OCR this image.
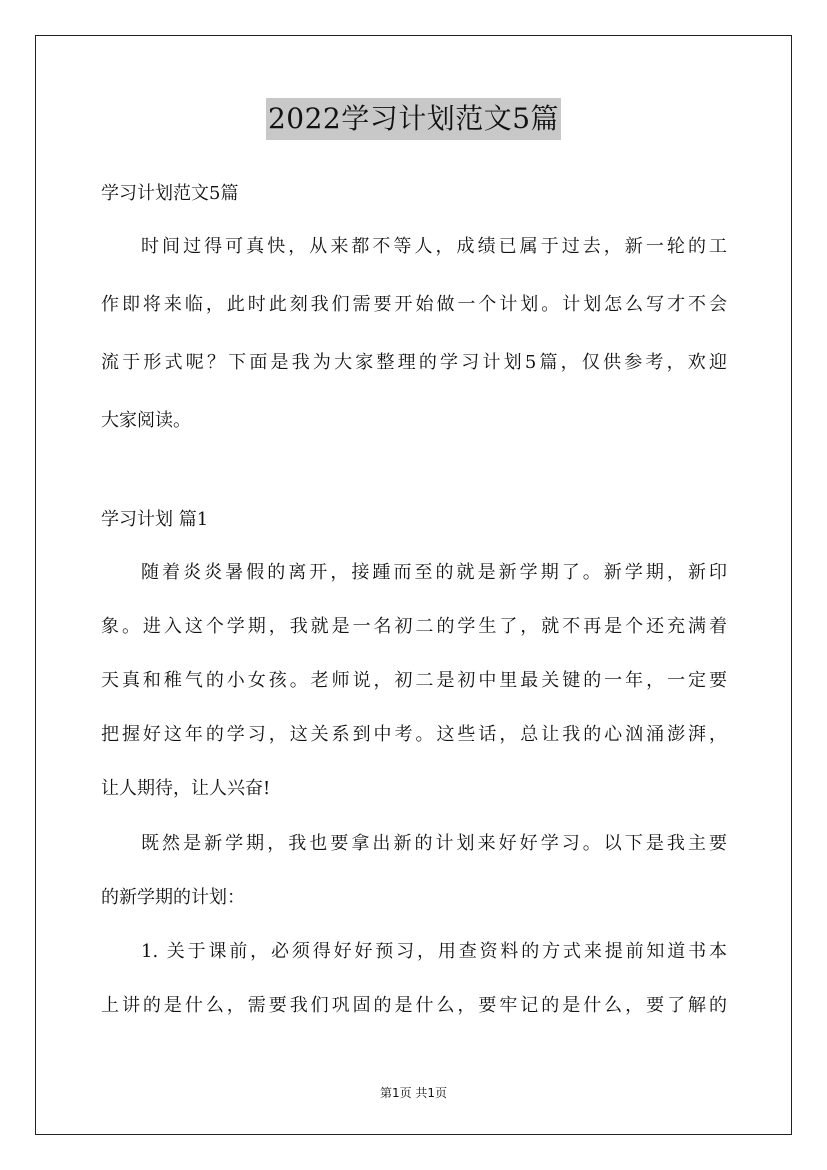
2022学习计划范文5篇
学习计划范文5篇
时间过得可真快，从来都不等人，成绩已属于过去，新一轮的工
作即将来临，此时此刻我们需要开始做一个计划。计划怎么写才不会
流于形式呢？下面是我为大家整理的学习计划5篇，仅供参考，欢迎
大家阅读。
学习计划 篇1
随着炎炎暑假的离开，接踵而至的就是新学期了。新学期，新印
象。进入这个学期，我就是一名初二的学生了，就不再是个还充满着
天真和稚气的小女孩。老师说，初二是初中里最关键的一年，一定要
把握好这年的学习，这关系到中考。这些话，总让我的心汹涌澎湃，
让人期待，让人兴奋!
既然是新学期，我也要拿出新的计划来好好学习。以下是我主要
的新学期的计划：
1. 关于课前，必须得好好预习，用查资料的方式来提前知道书本
上讲的是什么，需要我们巩固的是什么，要牢记的是什么，要了解的
第1页 共1页
